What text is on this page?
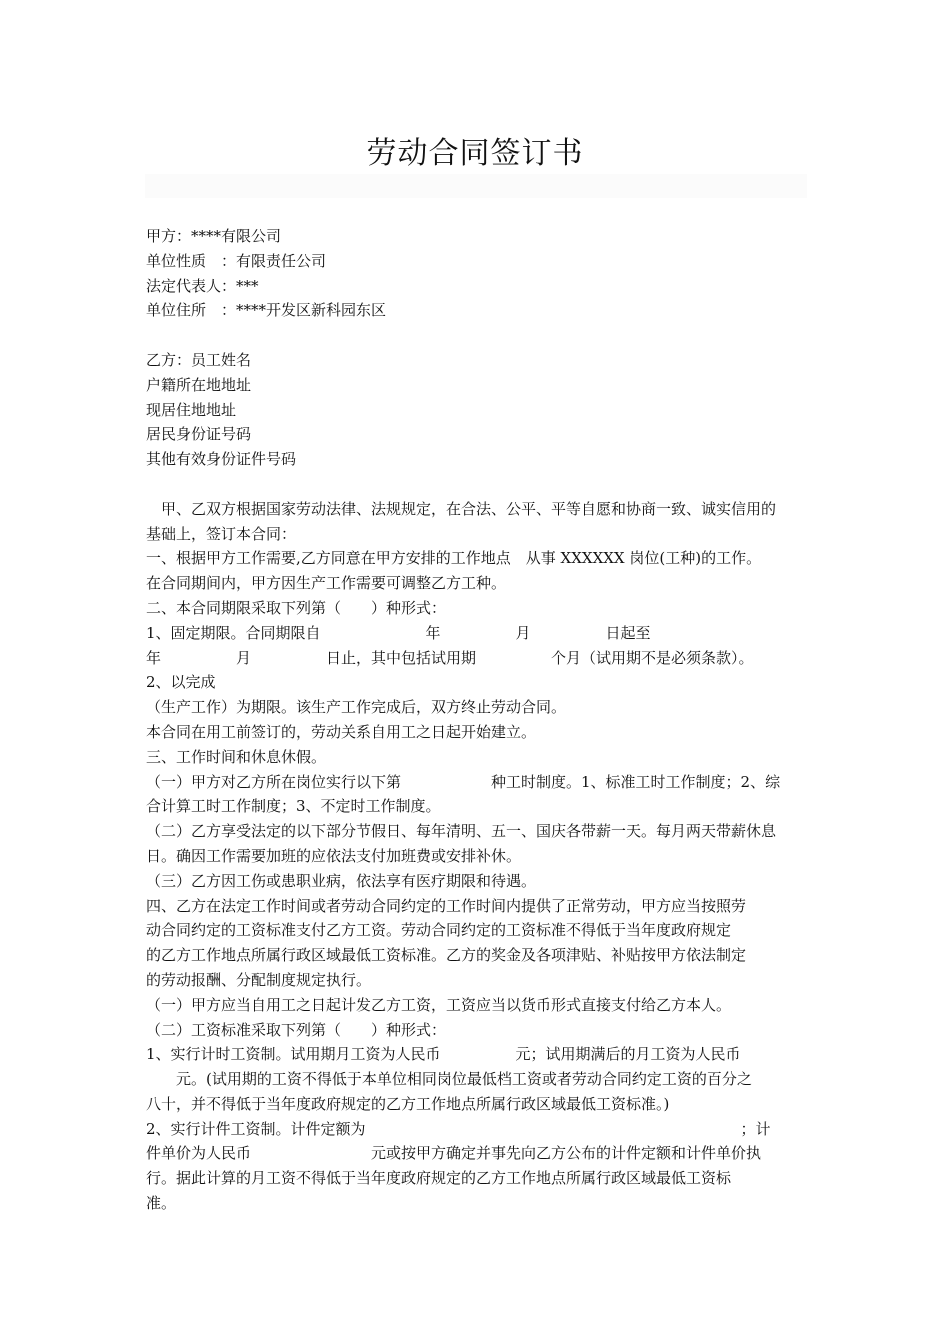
劳动合同签订书
甲方：****有限公司
单位性质　：有限责任公司
法定代表人：***
单位住所　：****开发区新科园东区
乙方：员工姓名
户籍所在地地址
现居住地地址
居民身份证号码
其他有效身份证件号码
　甲、乙双方根据国家劳动法律、法规规定，在合法、公平、平等自愿和协商一致、诚实信用的
基础上，签订本合同：
一、根据甲方工作需要,乙方同意在甲方安排的工作地点　从事 XXXXXX 岗位(工种)的工作。
在合同期间内，甲方因生产工作需要可调整乙方工种。
二、本合同期限采取下列第（　　）种形式：
1、固定期限。合同期限自　　　　　　　年　　　　　月　　　　　日起至
年　　　　　月　　　　　日止，其中包括试用期　　　　　个月（试用期不是必须条款）。
2、以完成
（生产工作）为期限。该生产工作完成后，双方终止劳动合同。
本合同在用工前签订的，劳动关系自用工之日起开始建立。
三、工作时间和休息休假。
（一）甲方对乙方所在岗位实行以下第　　　　　　种工时制度。1、标准工时工作制度；2、综
合计算工时工作制度；3、不定时工作制度。
（二）乙方享受法定的以下部分节假日、每年清明、五一、国庆各带薪一天。每月两天带薪休息
日。确因工作需要加班的应依法支付加班费或安排补休。
（三）乙方因工伤或患职业病，依法享有医疗期限和待遇。
四、乙方在法定工作时间或者劳动合同约定的工作时间内提供了正常劳动，甲方应当按照劳
动合同约定的工资标准支付乙方工资。劳动合同约定的工资标准不得低于当年度政府规定
的乙方工作地点所属行政区域最低工资标准。乙方的奖金及各项津贴、补贴按甲方依法制定
的劳动报酬、分配制度规定执行。
（一）甲方应当自用工之日起计发乙方工资，工资应当以货币形式直接支付给乙方本人。
（二）工资标准采取下列第（　　）种形式：
1、实行计时工资制。试用期月工资为人民币　　　　　元；试用期满后的月工资为人民币
　　元。(试用期的工资不得低于本单位相同岗位最低档工资或者劳动合同约定工资的百分之
八十，并不得低于当年度政府规定的乙方工作地点所属行政区域最低工资标准。)
2、实行计件工资制。计件定额为　　　　　　　　　　　　　　　　　　　　　　　　　；计
件单价为人民币　　　　　　　　元或按甲方确定并事先向乙方公布的计件定额和计件单价执
行。据此计算的月工资不得低于当年度政府规定的乙方工作地点所属行政区域最低工资标
准。
